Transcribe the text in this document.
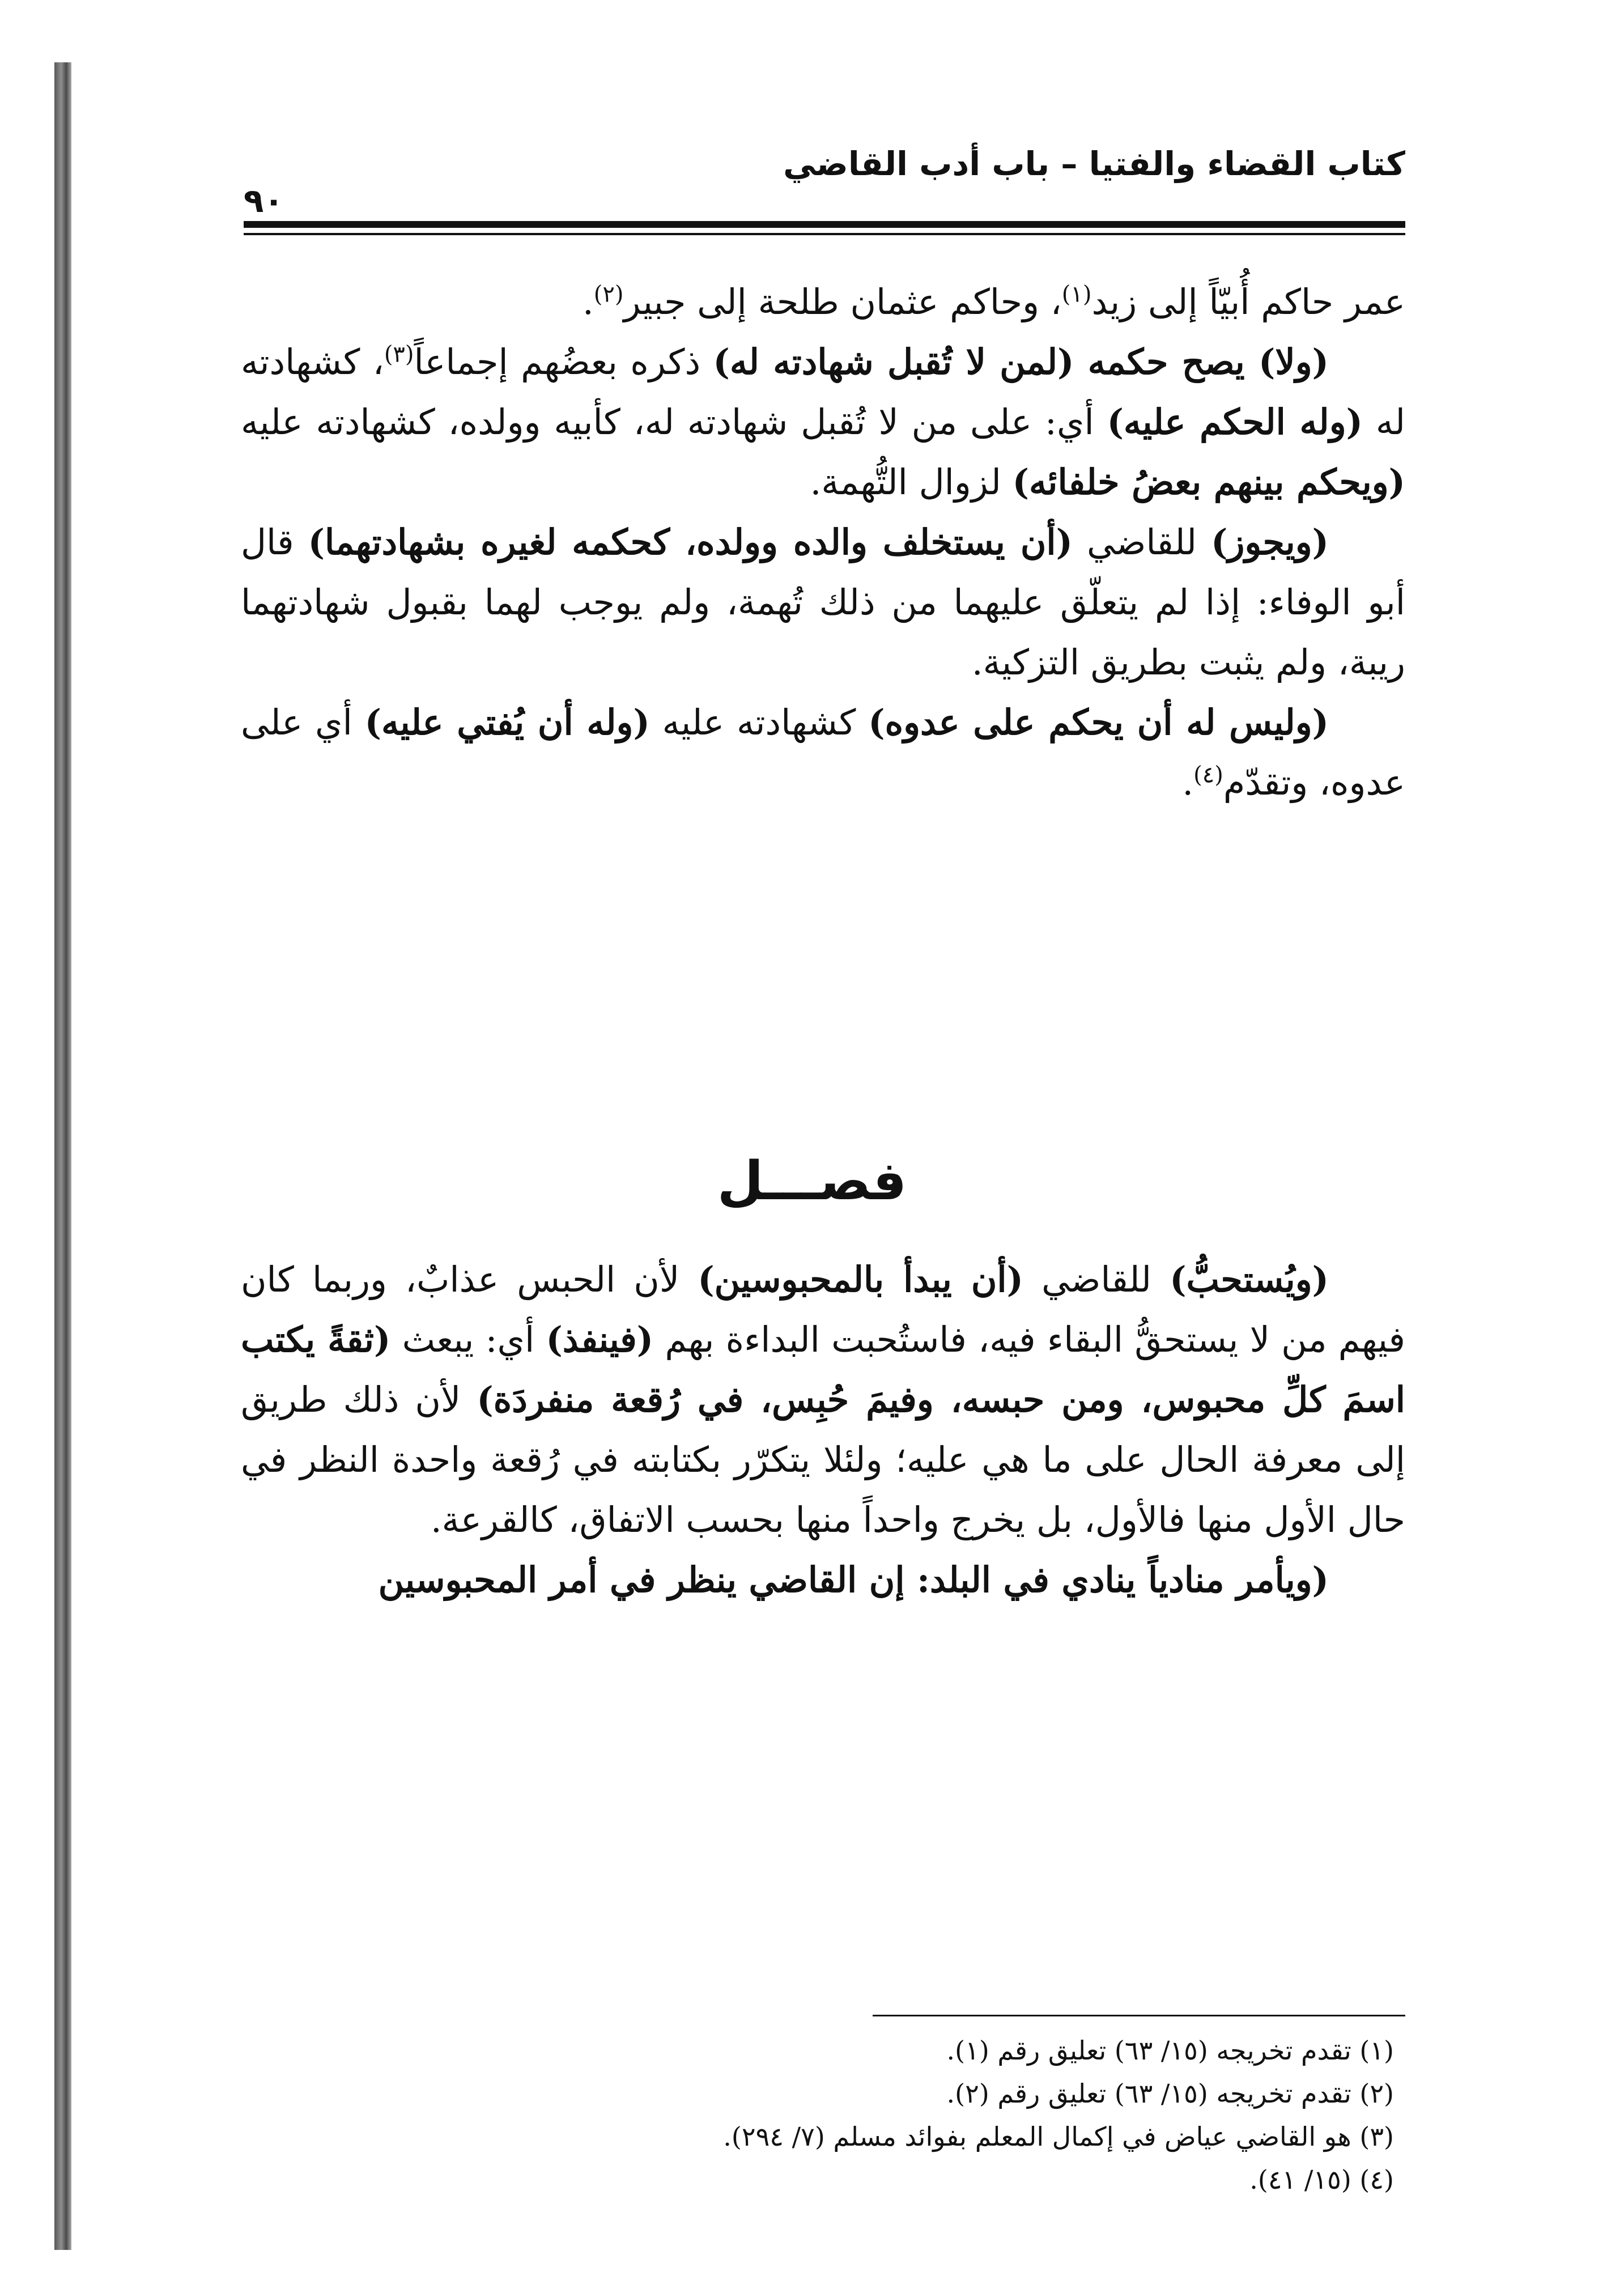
كتاب القضاء والفتيا – باب أدب القاضي
٩٠

عمر حاكم أُبيّاً إلى زيد$^{(١)}$، وحاكم عثمان طلحة إلى جبير$^{(٢)}$.

(ولا) يصح حكمه (لمن لا تُقبل شهادته له) ذكره بعضُهم إجماعاً$^{(٣)}$، كشهادته له (وله الحكم عليه) أي: على من لا تُقبل شهادته له، كأبيه وولده، كشهادته عليه (ويحكم بينهم بعضُ خلفائه) لزوال التُّهمة.

(ويجوز) للقاضي (أن يستخلف والده وولده، كحكمه لغيره بشهادتهما) قال أبو الوفاء: إذا لم يتعلّق عليهما من ذلك تُهمة، ولم يوجب لهما بقبول شهادتهما ريبة، ولم يثبت بطريق التزكية.

(وليس له أن يحكم على عدوه) كشهادته عليه (وله أن يُفتي عليه) أي على عدوه، وتقدّم$^{(٤)}$.

فصـــل

(ويُستحبُّ) للقاضي (أن يبدأ بالمحبوسين) لأن الحبس عذابٌ، وربما كان فيهم من لا يستحقُّ البقاء فيه، فاستُحبت البداءة بهم (فينفذ) أي: يبعث (ثقةً يكتب اسمَ كلِّ محبوس، ومن حبسه، وفيمَ حُبِس، في رُقعة منفردَة) لأن ذلك طريق إلى معرفة الحال على ما هي عليه؛ ولئلا يتكرّر بكتابته في رُقعة واحدة النظر في حال الأول منها فالأول، بل يخرج واحداً منها بحسب الاتفاق، كالقرعة.

(ويأمر منادياً ينادي في البلد: إن القاضي ينظر في أمر المحبوسين

(١) تقدم تخريجه (١٥/ ٦٣) تعليق رقم (١).
(٢) تقدم تخريجه (١٥/ ٦٣) تعليق رقم (٢).
(٣) هو القاضي عياض في إكمال المعلم بفوائد مسلم (٧/ ٢٩٤).
(٤) (١٥/ ٤١).
